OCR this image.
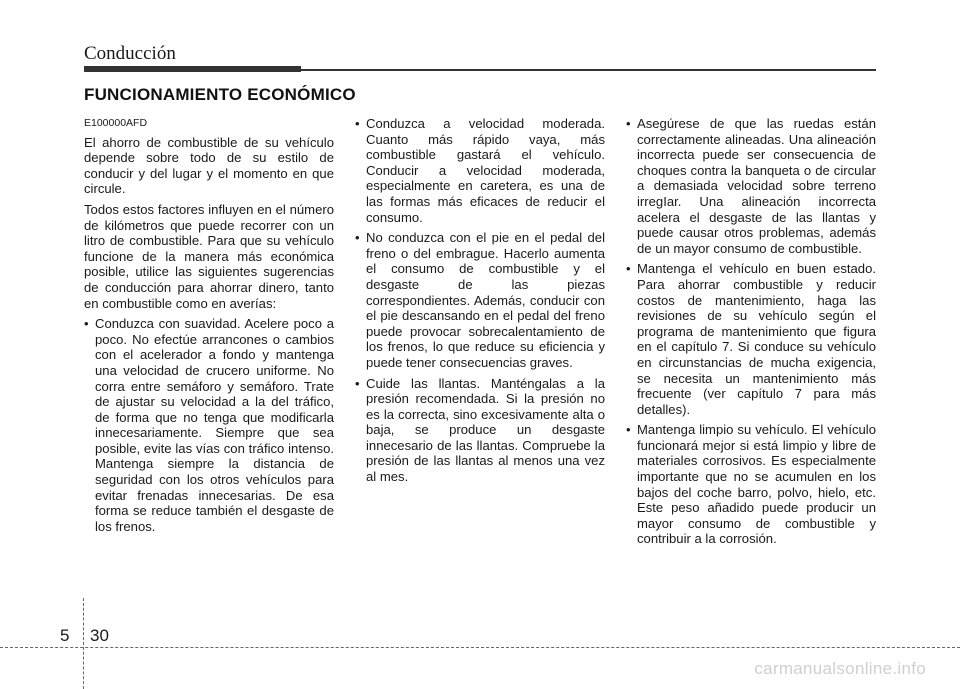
Conducción
FUNCIONAMIENTO ECONÓMICO
E100000AFD

El ahorro de combustible de su vehículo depende sobre todo de su estilo de conducir y del lugar y el momento en que circule.

Todos estos factores influyen en el número de kilómetros que puede recorrer con un litro de combustible. Para que su vehículo funcione de la manera más económica posible, utilice las siguientes sugerencias de conducción para ahorrar dinero, tanto en combustible como en averías:

• Conduzca con suavidad. Acelere poco a poco. No efectúe arrancones o cambios con el acelerador a fondo y mantenga una velocidad de crucero uniforme. No corra entre semáforo y semáforo. Trate de ajustar su velocidad a la del tráfico, de forma que no tenga que modificarla innecesariamente. Siempre que sea posible, evite las vías con tráfico intenso. Mantenga siempre la distancia de seguridad con los otros vehículos para evitar frenadas innecesarias. De esa forma se reduce también el desgaste de los frenos.
• Conduzca a velocidad moderada. Cuanto más rápido vaya, más combustible gastará el vehículo. Conducir a velocidad moderada, especialmente en caretera, es una de las formas más eficaces de reducir el consumo.
• No conduzca con el pie en el pedal del freno o del embrague. Hacerlo aumenta el consumo de combustible y el desgaste de las piezas correspondientes. Además, conducir con el pie descansando en el pedal del freno puede provocar sobrecalentamiento de los frenos, lo que reduce su eficiencia y puede tener consecuencias graves.
• Cuide las llantas. Manténgalas a la presión recomendada. Si la presión no es la correcta, sino excesivamente alta o baja, se produce un desgaste innecesario de las llantas. Compruebe la presión de las llantas al menos una vez al mes.
• Asegúrese de que las ruedas están correctamente alineadas. Una alineación incorrecta puede ser consecuencia de choques contra la banqueta o de circular a demasiada velocidad sobre terreno irregIar. Una alineación incorrecta acelera el desgaste de las llantas y puede causar otros problemas, además de un mayor consumo de combustible.
• Mantenga el vehículo en buen estado. Para ahorrar combustible y reducir costos de mantenimiento, haga las revisiones de su vehículo según el programa de mantenimiento que figura en el capítulo 7. Si conduce su vehículo en circunstancias de mucha exigencia, se necesita un mantenimiento más frecuente (ver capítulo 7 para más detalles).
• Mantenga limpio su vehículo. El vehículo funcionará mejor si está limpio y libre de materiales corrosivos. Es especialmente importante que no se acumulen en los bajos del coche barro, polvo, hielo, etc. Este peso añadido puede producir un mayor consumo de combustible y contribuir a la corrosión.
5 30
carmanualsonline.info
